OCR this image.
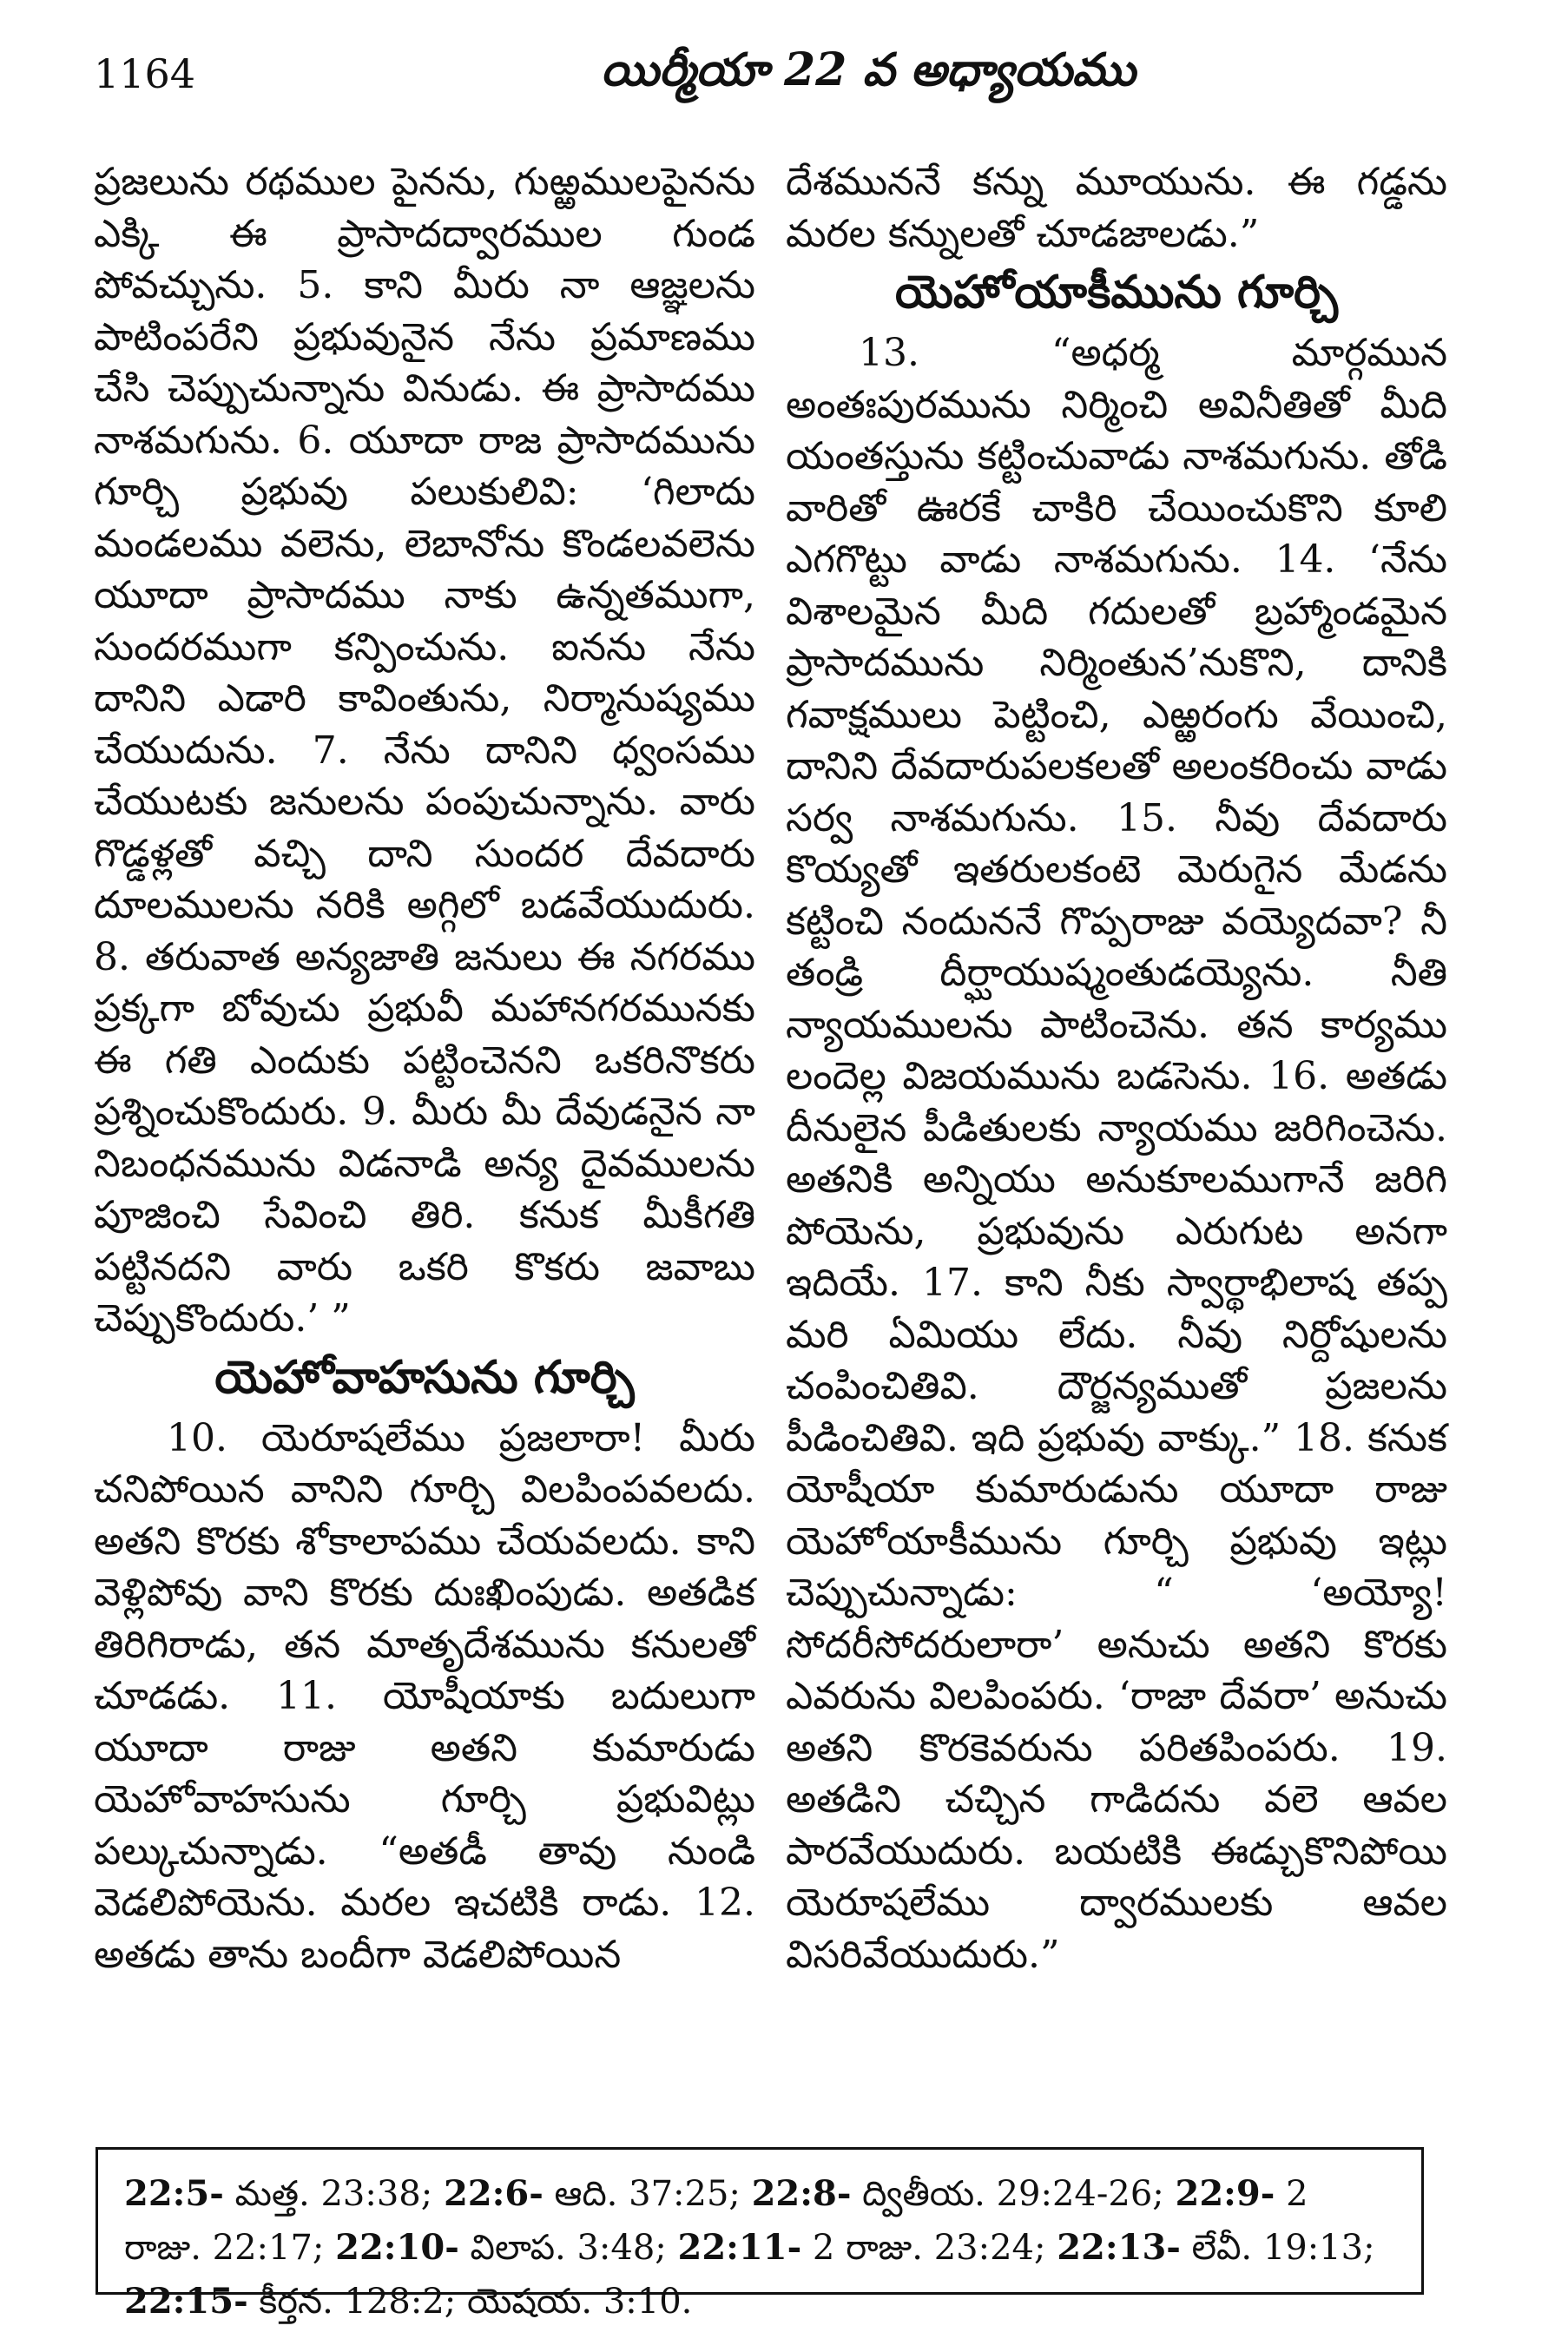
1164	యిర్మీయా 22 వ అధ్యాయము

ప్రజలును రథముల పైనను, గుఱ్ఱములపైనను ఎక్కి ఈ ప్రాసాదద్వారముల గుండ పోవచ్చును. 5. కాని మీరు నా ఆజ్ఞలను పాటింపరేని ప్రభువునైన నేను ప్రమాణము చేసి చెప్పుచున్నాను వినుడు. ఈ ప్రాసాదము నాశమగును. 6. యూదా రాజ ప్రాసాదమును గూర్చి ప్రభువు పలుకులివి: ‘గిలాదు మండలము వలెను, లెబానోను కొండలవలెను యూదా ప్రాసాదము నాకు ఉన్నతముగా, సుందరముగా కన్పించును. ఐనను నేను దానిని ఎడారి కావింతును, నిర్మానుష్యము చేయుదును. 7. నేను దానిని ధ్వంసము చేయుటకు జనులను పంపుచున్నాను. వారు గొడ్డళ్లతో వచ్చి దాని సుందర దేవదారు దూలములను నరికి అగ్గిలో బడవేయుదురు. 8. తరువాత అన్యజాతి జనులు ఈ నగరము ప్రక్కగా బోవుచు ప్రభువీ మహానగరమునకు ఈ గతి ఎందుకు పట్టించెనని ఒకరినొకరు ప్రశ్నించుకొందురు. 9. మీరు మీ దేవుడనైన నా నిబంధనమును విడనాడి అన్య దైవములను పూజించి సేవించి తిరి. కనుక మీకీగతి పట్టినదని వారు ఒకరి కొకరు జవాబు చెప్పుకొందురు.’ ”

యెహోవాహసును గూర్చి

10. యెరూషలేము ప్రజలారా! మీరు చనిపోయిన వానిని గూర్చి విలపింపవలదు. అతని కొరకు శోకాలాపము చేయవలదు. కాని వెళ్లిపోవు వాని కొరకు దుఃఖింపుడు. అతడిక తిరిగిరాడు, తన మాతృదేశమును కనులతో చూడడు. 11. యోషీయాకు బదులుగా యూదా రాజు అతని కుమారుడు యెహోవాహసును గూర్చి ప్రభువిట్లు పల్కుచున్నాడు. “అతడీ తావు నుండి వెడలిపోయెను. మరల ఇచటికి రాడు. 12. అతడు తాను బందీగా వెడలిపోయిన

దేశముననే కన్ను మూయును. ఈ గడ్డను మరల కన్నులతో చూడజాలడు.”

యెహోయాకీమును గూర్చి

13. “అధర్మ మార్గమున అంతఃపురమును నిర్మించి అవినీతితో మీది యంతస్తును కట్టించువాడు నాశమగును. తోడి వారితో ఊరకే చాకిరి చేయించుకొని కూలి ఎగగొట్టు వాడు నాశమగును. 14. ‘నేను విశాలమైన మీది గదులతో బ్రహ్మాండమైన ప్రాసాదమును నిర్మింతున’నుకొని, దానికి గవాక్షములు పెట్టించి, ఎఱ్ఱరంగు వేయించి, దానిని దేవదారుపలకలతో అలంకరించు వాడు సర్వ నాశమగును. 15. నీవు దేవదారు కొయ్యతో ఇతరులకంటె మెరుగైన మేడను కట్టించి నందుననే గొప్పరాజు వయ్యెదవా? నీ తండ్రి దీర్ఘాయుష్మంతుడయ్యెను. నీతి న్యాయములను పాటించెను. తన కార్యము లందెల్ల విజయమును బడసెను. 16. అతడు దీనులైన పీడితులకు న్యాయము జరిగించెను. అతనికి అన్నియు అనుకూలముగానే జరిగి పోయెను, ప్రభువును ఎరుగుట అనగా ఇదియే. 17. కాని నీకు స్వార్థాభిలాష తప్ప మరి ఏమియు లేదు. నీవు నిర్దోషులను చంపించితివి. దౌర్జన్యముతో ప్రజలను పీడించితివి. ఇది ప్రభువు వాక్కు.” 18. కనుక యోషీయా కుమారుడును యూదా రాజు యెహోయాకీమును గూర్చి ప్రభువు ఇట్లు చెప్పుచున్నాడు: “ ‘అయ్యో! సోదరీసోదరులారా’ అనుచు అతని కొరకు ఎవరును విలపింపరు. ‘రాజా దేవరా’ అనుచు అతని కొరకెవరును పరితపింపరు. 19. అతడిని చచ్చిన గాడిదను వలె ఆవల పారవేయుదురు. బయటికి ఈడ్చుకొనిపోయి యెరూషలేము ద్వారములకు ఆవల విసరివేయుదురు.”

22:5- మత్త. 23:38; 22:6- ఆది. 37:25; 22:8- ద్వితీయ. 29:24-26; 22:9- 2 రాజు. 22:17; 22:10- విలాప. 3:48; 22:11- 2 రాజు. 23:24; 22:13- లేవీ. 19:13; 22:15- కీర్తన. 128:2; యెషయ. 3:10.
